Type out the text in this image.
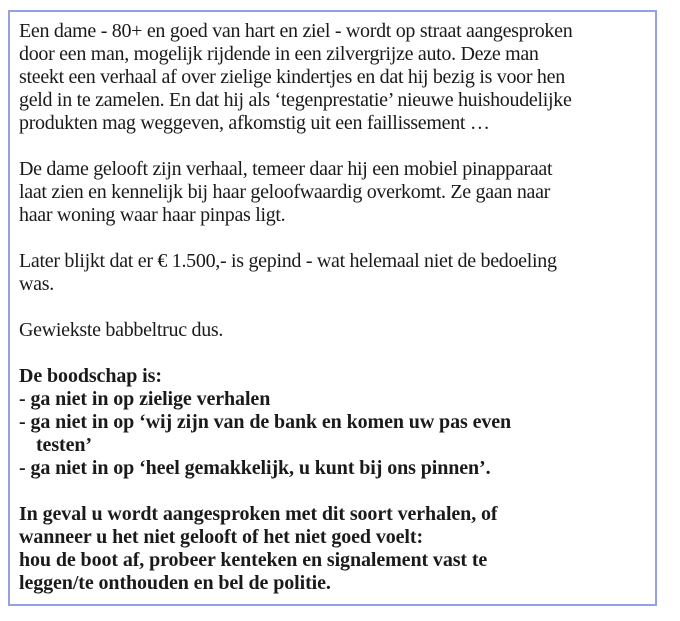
Een dame - 80+ en goed van hart en ziel - wordt op straat aangesproken
door een man, mogelijk rijdende in een zilvergrijze auto. Deze man
steekt een verhaal af over zielige kindertjes en dat hij bezig is voor hen
geld in te zamelen. En dat hij als ‘tegenprestatie’ nieuwe huishoudelijke
produkten mag weggeven, afkomstig uit een faillissement …
De dame gelooft zijn verhaal, temeer daar hij een mobiel pinapparaat
laat zien en kennelijk bij haar geloofwaardig overkomt. Ze gaan naar
haar woning waar haar pinpas ligt.
Later blijkt dat er € 1.500,- is gepind - wat helemaal niet de bedoeling
was.
Gewiekste babbeltruc dus.
De boodschap is:
- ga niet in op zielige verhalen
- ga niet in op ‘wij zijn van de bank en komen uw pas even
testen’
- ga niet in op ‘heel gemakkelijk, u kunt bij ons pinnen’.
In geval u wordt aangesproken met dit soort verhalen, of
wanneer u het niet gelooft of het niet goed voelt:
hou de boot af, probeer kenteken en signalement vast te
leggen/te onthouden en bel de politie.
